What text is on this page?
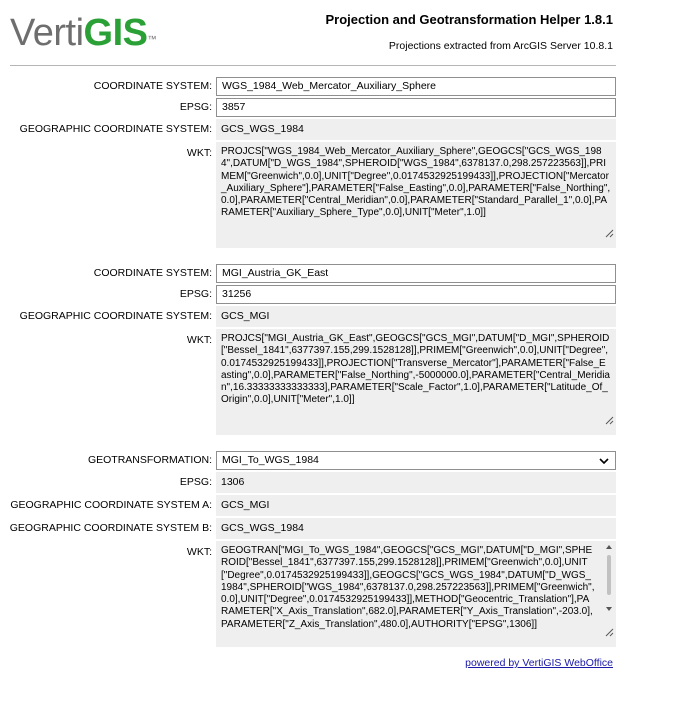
VertiGIS™
Projection and Geotransformation Helper 1.8.1
Projections extracted from ArcGIS Server 10.8.1
COORDINATE SYSTEM: WGS_1984_Web_Mercator_Auxiliary_Sphere
EPSG: 3857
GEOGRAPHIC COORDINATE SYSTEM: GCS_WGS_1984
WKT: PROJCS["WGS_1984_Web_Mercator_Auxiliary_Sphere",GEOGCS["GCS_WGS_1984",DATUM["D_WGS_1984",SPHEROID["WGS_1984",6378137.0,298.257223563]],PRIMEM["Greenwich",0.0],UNIT["Degree",0.0174532925199433]],PROJECTION["Mercator_Auxiliary_Sphere"],PARAMETER["False_Easting",0.0],PARAMETER["False_Northing",0.0],PARAMETER["Central_Meridian",0.0],PARAMETER["Standard_Parallel_1",0.0],PARAMETER["Auxiliary_Sphere_Type",0.0],UNIT["Meter",1.0]]
COORDINATE SYSTEM: MGI_Austria_GK_East
EPSG: 31256
GEOGRAPHIC COORDINATE SYSTEM: GCS_MGI
WKT: PROJCS["MGI_Austria_GK_East",GEOGCS["GCS_MGI",DATUM["D_MGI",SPHEROID["Bessel_1841",6377397.155,299.1528128]],PRIMEM["Greenwich",0.0],UNIT["Degree",0.0174532925199433]],PROJECTION["Transverse_Mercator"],PARAMETER["False_Easting",0.0],PARAMETER["False_Northing",-5000000.0],PARAMETER["Central_Meridian",16.33333333333333],PARAMETER["Scale_Factor",1.0],PARAMETER["Latitude_Of_Origin",0.0],UNIT["Meter",1.0]]
GEOTRANSFORMATION: MGI_To_WGS_1984
EPSG: 1306
GEOGRAPHIC COORDINATE SYSTEM A: GCS_MGI
GEOGRAPHIC COORDINATE SYSTEM B: GCS_WGS_1984
WKT: GEOGTRAN["MGI_To_WGS_1984",GEOGCS["GCS_MGI",DATUM["D_MGI",SPHEROID["Bessel_1841",6377397.155,299.1528128]],PRIMEM["Greenwich",0.0],UNIT["Degree",0.0174532925199433]],GEOGCS["GCS_WGS_1984",DATUM["D_WGS_1984",SPHEROID["WGS_1984",6378137.0,298.257223563]],PRIMEM["Greenwich",0.0],UNIT["Degree",0.0174532925199433]],METHOD["Geocentric_Translation"],PARAMETER["X_Axis_Translation",682.0],PARAMETER["Y_Axis_Translation",-203.0],PARAMETER["Z_Axis_Translation",480.0],AUTHORITY["EPSG",1306]]
powered by VertiGIS WebOffice
